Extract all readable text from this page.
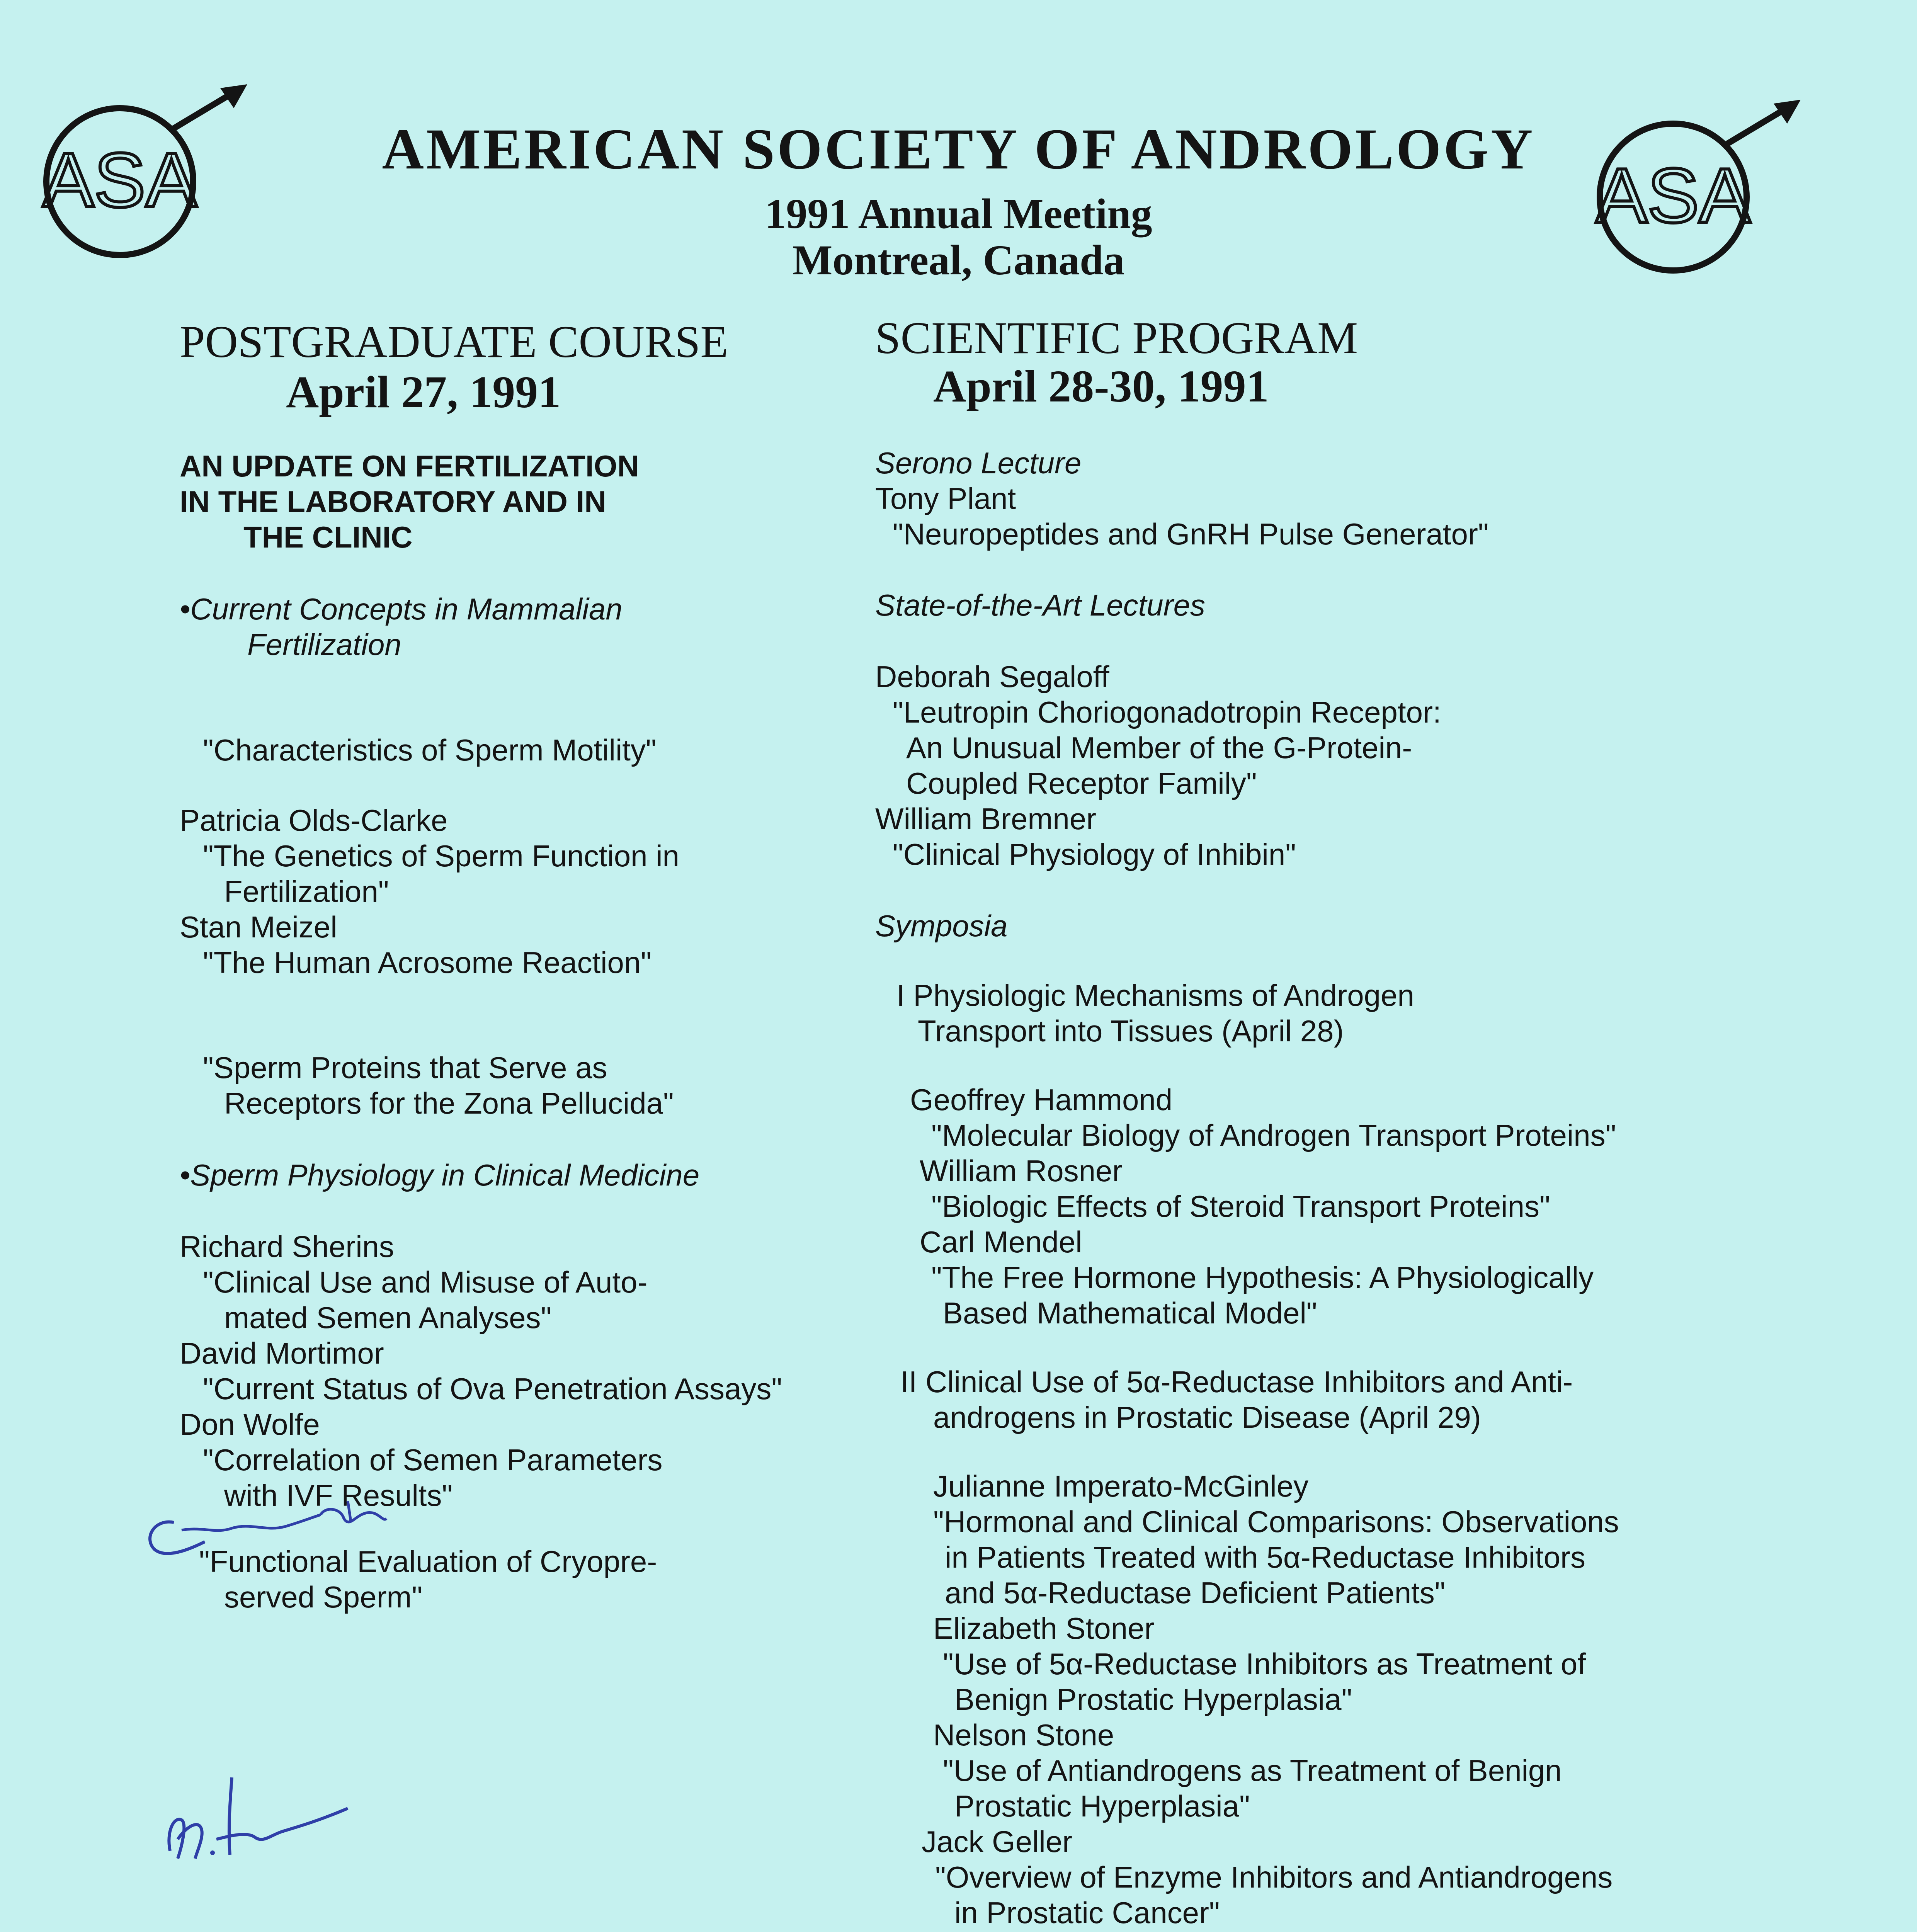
ASA	ASA
AMERICAN SOCIETY OF ANDROLOGY
1991 Annual Meeting
Montreal, Canada
POSTGRADUATE COURSE
April 27, 1991
AN UPDATE ON FERTILIZATION
IN THE LABORATORY AND IN
THE CLINIC
•Current Concepts in Mammalian
Fertilization
"Characteristics of Sperm Motility"
Patricia Olds-Clarke
"The Genetics of Sperm Function in
Fertilization"
Stan Meizel
"The Human Acrosome Reaction"
"Sperm Proteins that Serve as
Receptors for the Zona Pellucida"
•Sperm Physiology in Clinical Medicine
Richard Sherins
"Clinical Use and Misuse of Auto-
mated Semen Analyses"
David Mortimor
"Current Status of Ova Penetration Assays"
Don Wolfe
"Correlation of Semen Parameters
with IVF Results"
"Functional Evaluation of Cryopre-
served Sperm"
SCIENTIFIC PROGRAM
April 28-30, 1991
Serono Lecture
Tony Plant
"Neuropeptides and GnRH Pulse Generator"
State-of-the-Art Lectures
Deborah Segaloff
"Leutropin Choriogonadotropin Receptor:
An Unusual Member of the G-Protein-
Coupled Receptor Family"
William Bremner
"Clinical Physiology of Inhibin"
Symposia
I Physiologic Mechanisms of Androgen
Transport into Tissues (April 28)
Geoffrey Hammond
"Molecular Biology of Androgen Transport Proteins"
William Rosner
"Biologic Effects of Steroid Transport Proteins"
Carl Mendel
"The Free Hormone Hypothesis: A Physiologically
Based Mathematical Model"
II Clinical Use of 5α-Reductase Inhibitors and Anti-
androgens in Prostatic Disease (April 29)
Julianne Imperato-McGinley
"Hormonal and Clinical Comparisons: Observations
in Patients Treated with 5α-Reductase Inhibitors
and 5α-Reductase Deficient Patients"
Elizabeth Stoner
"Use of 5α-Reductase Inhibitors as Treatment of
Benign Prostatic Hyperplasia"
Nelson Stone
"Use of Antiandrogens as Treatment of Benign
Prostatic Hyperplasia"
Jack Geller
"Overview of Enzyme Inhibitors and Antiandrogens
in Prostatic Cancer"
